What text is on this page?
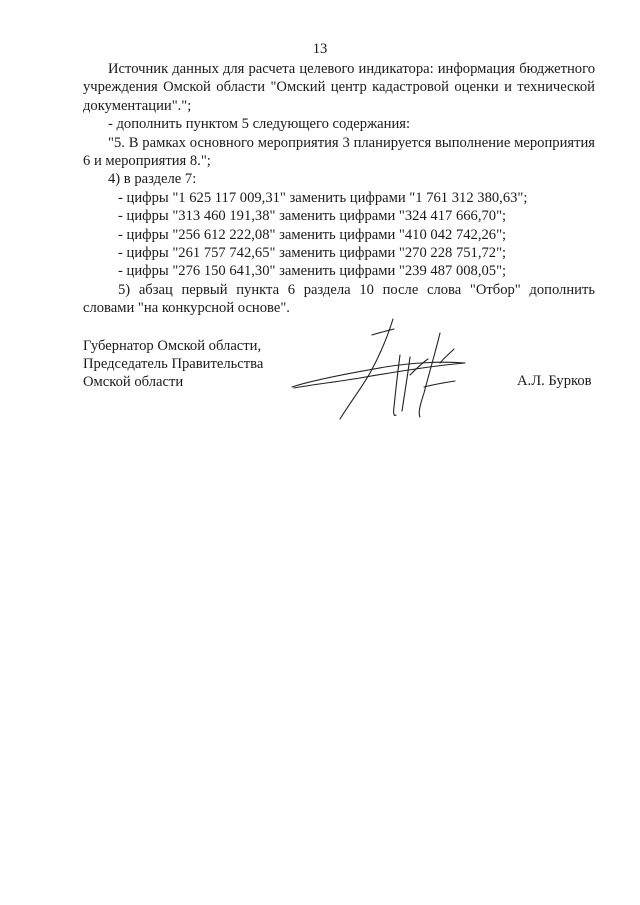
13

Источник данных для расчета целевого индикатора: информация бюджетного учреждения Омской области "Омский центр кадастровой оценки и технической документации".";

- дополнить пунктом 5 следующего содержания:

"5. В рамках основного мероприятия 3 планируется выполнение мероприятия 6 и мероприятия 8.";

4) в разделе 7:

- цифры "1 625 117 009,31" заменить цифрами "1 761 312 380,63";

- цифры "313 460 191,38" заменить цифрами "324 417 666,70";

- цифры "256 612 222,08" заменить цифрами "410 042 742,26";

- цифры "261 757 742,65" заменить цифрами "270 228 751,72";

- цифры "276 150 641,30" заменить цифрами "239 487 008,05";

5) абзац первый пункта 6 раздела 10 после слова "Отбор" дополнить словами "на конкурсной основе".

Губернатор Омской области,

Председатель Правительства

Омской области	А.Л. Бурков
